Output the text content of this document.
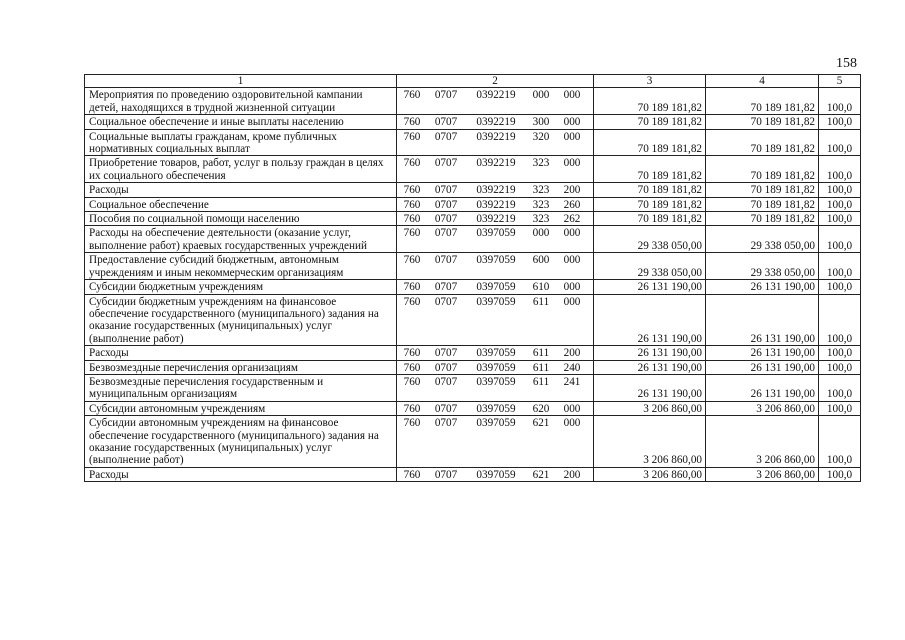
158
1	2	3	4	5
Мероприятия по проведению оздоровительной кампании детей, находящихся в трудной жизненной ситуации	760 0707 0392219 000 000	70 189 181,82	70 189 181,82	100,0
Социальное обеспечение и иные выплаты населению	760 0707 0392219 300 000	70 189 181,82	70 189 181,82	100,0
Социальные выплаты гражданам, кроме публичных нормативных социальных выплат	760 0707 0392219 320 000	70 189 181,82	70 189 181,82	100,0
Приобретение товаров, работ, услуг в пользу граждан в целях их социального обеспечения	760 0707 0392219 323 000	70 189 181,82	70 189 181,82	100,0
Расходы	760 0707 0392219 323 200	70 189 181,82	70 189 181,82	100,0
Социальное обеспечение	760 0707 0392219 323 260	70 189 181,82	70 189 181,82	100,0
Пособия по социальной помощи населению	760 0707 0392219 323 262	70 189 181,82	70 189 181,82	100,0
Расходы на обеспечение деятельности (оказание услуг, выполнение работ) краевых государственных учреждений	760 0707 0397059 000 000	29 338 050,00	29 338 050,00	100,0
Предоставление субсидий бюджетным, автономным учреждениям и иным некоммерческим организациям	760 0707 0397059 600 000	29 338 050,00	29 338 050,00	100,0
Субсидии бюджетным учреждениям	760 0707 0397059 610 000	26 131 190,00	26 131 190,00	100,0
Субсидии бюджетным учреждениям на финансовое обеспечение государственного (муниципального) задания на оказание государственных (муниципальных) услуг (выполнение работ)	760 0707 0397059 611 000	26 131 190,00	26 131 190,00	100,0
Расходы	760 0707 0397059 611 200	26 131 190,00	26 131 190,00	100,0
Безвозмездные перечисления организациям	760 0707 0397059 611 240	26 131 190,00	26 131 190,00	100,0
Безвозмездные перечисления государственным и муниципальным организациям	760 0707 0397059 611 241	26 131 190,00	26 131 190,00	100,0
Субсидии автономным учреждениям	760 0707 0397059 620 000	3 206 860,00	3 206 860,00	100,0
Субсидии автономным учреждениям на финансовое обеспечение государственного (муниципального) задания на оказание государственных (муниципальных) услуг (выполнение работ)	760 0707 0397059 621 000	3 206 860,00	3 206 860,00	100,0
Расходы	760 0707 0397059 621 200	3 206 860,00	3 206 860,00	100,0
